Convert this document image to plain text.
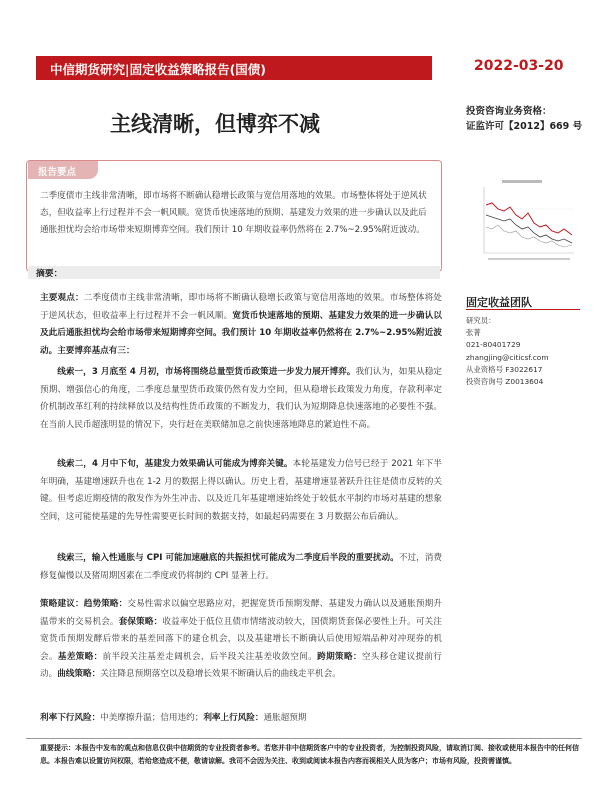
中信期货研究|固定收益策略报告(国债)	2022-03-20
主线清晰，但博弈不减
投资咨询业务资格：
证监许可【2012】669 号
报告要点
二季度债市主线非常清晰，即市场将不断确认稳增长政策与宽信用落地的效果。市场整体将处于逆风状态，但收益率上行过程并不会一帆风顺。宽货币快速落地的预期、基建发力效果的进一步确认以及此后通胀担忧均会给市场带来短期博弈空间。我们预计 10 年期收益率仍然将在 2.7%~2.95%附近波动。
摘要：
固定收益团队
研究员：
张菁
021-80401729
zhangjing@citicsf.com
从业资格号 F3022617
投资咨询号 Z0013604
主要观点：二季度债市主线非常清晰，即市场将不断确认稳增长政策与宽信用落地的效果。市场整体将处于逆风状态，但收益率上行过程并不会一帆风顺。宽货币快速落地的预期、基建发力效果的进一步确认以及此后通胀担忧均会给市场带来短期博弈空间。我们预计 10 年期收益率仍然将在 2.7%~2.95%附近波动。主要博弈基点有三：
线索一，3 月底至 4 月初，市场将围绕总量型货币政策进一步发力展开博弈。我们认为，如果从稳定预期、增强信心的角度，二季度总量型货币政策仍然有发力空间，但从稳增长政策发力角度，存款利率定价机制改革红利的持续释放以及结构性货币政策的不断发力，我们认为短期降息快速落地的必要性不强。在当前人民币超涨明显的情况下，央行赶在美联储加息之前快速落地降息的紧迫性不高。
线索二，4 月中下旬，基建发力效果确认可能成为博弈关键。本轮基建发力信号已经于 2021 年下半年明确，基建增速跃升也在 1-2 月的数据上得以确认。历史上看，基建增速显著跃升往往是债市反转的关键。但考虑近期疫情的散发作为外生冲击、以及近几年基建增速始终处于较低水平制约市场对基建的想象空间，这可能使基建的先导性需要更长时间的数据支持，如最起码需要在 3 月数据公布后确认。
线索三，输入性通胀与 CPI 可能加速融底的共振担忧可能成为二季度后半段的重要扰动。不过，消费修复偏慢以及猪周期因素在二季度或仍将制约 CPI 显著上行。
策略建议：趋势策略：交易性需求以偏空思路应对，把握宽货币预期发酵、基建发力确认以及通胀预期升温带来的交易机会。套保策略：收益率处于低位且债市情绪波动较大，国债期货套保必要性上升。可关注宽货币预期发酵后带来的基差回落下的建仓机会，以及基建增长不断确认后使用短端品种对冲现券的机会。基差策略：前半段关注基差走阔机会，后半段关注基差收敛空间。跨期策略：空头移仓建议提前行动。曲线策略：关注降息预期落空以及稳增长效果不断确认后的曲线走平机会。
利率下行风险：中美摩擦升温；信用违约；利率上行风险：通胀超预期
重要提示：本报告中发布的观点和信息仅供中信期货的专业投资者参考。若您并非中信期货客户中的专业投资者，为控制投资风险，请取消订阅、接收或使用本报告中的任何信息。本报告难以设置访问权限，若给您造成不便，敬请谅解。我司不会因为关注、收到或阅读本报告内容而视相关人员为客户；市场有风险，投资需谨慎。
